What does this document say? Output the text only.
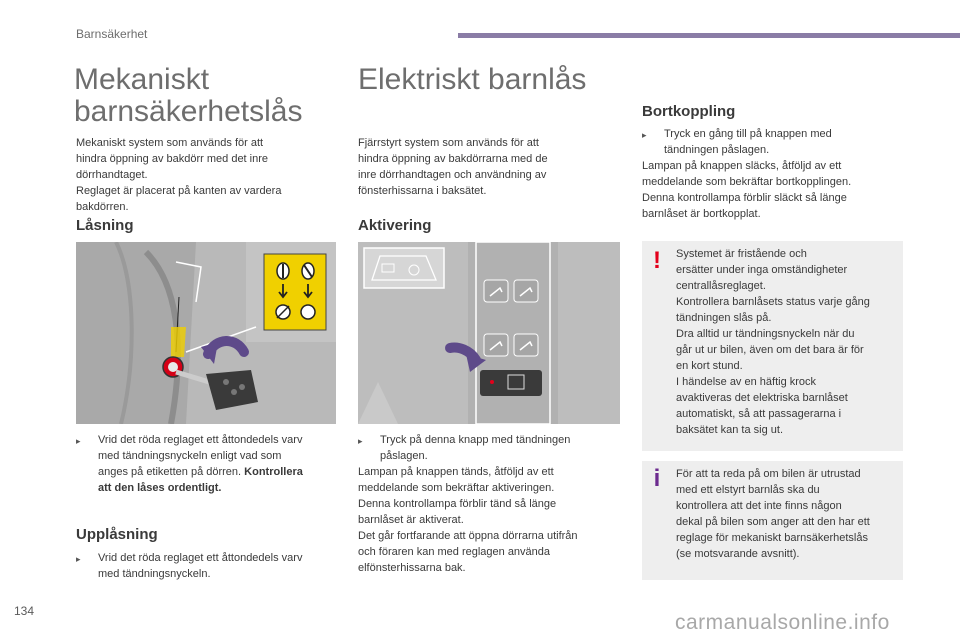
Barnsäkerhet
Mekaniskt
barnsäkerhetslås
Mekaniskt system som används för att
hindra öppning av bakdörr med det inre
dörrhandtaget.
Reglaget är placerat på kanten av vardera
bakdörren.
Låsning
▸	Vrid det röda reglaget ett åttondedels varv
med tändningsnyckeln enligt vad som
anges på etiketten på dörren. Kontrollera
att den låses ordentligt.
Upplåsning
▸	Vrid det röda reglaget ett åttondedels varv
med tändningsnyckeln.
Elektriskt barnlås
Fjärrstyrt system som används för att
hindra öppning av bakdörrarna med de
inre dörrhandtagen och användning av
fönsterhissarna i baksätet.
Aktivering
▸	Tryck på denna knapp med tändningen
påslagen.
Lampan på knappen tänds, åtföljd av ett
meddelande som bekräftar aktiveringen.
Denna kontrollampa förblir tänd så länge
barnlåset är aktiverat.
Det går fortfarande att öppna dörrarna utifrån
och föraren kan med reglagen använda
elfönsterhissarna bak.
Bortkoppling
▸	Tryck en gång till på knappen med
tändningen påslagen.
Lampan på knappen släcks, åtföljd av ett
meddelande som bekräftar bortkopplingen.
Denna kontrollampa förblir släckt så länge
barnlåset är bortkopplat.
!	Systemet är fristående och
ersätter under inga omständigheter
centrallåsreglaget.
Kontrollera barnlåsets status varje gång
tändningen slås på.
Dra alltid ur tändningsnyckeln när du
går ut ur bilen, även om det bara är för
en kort stund.
I händelse av en häftig krock
avaktiveras det elektriska barnlåset
automatiskt, så att passagerarna i
baksätet kan ta sig ut.
i	För att ta reda på om bilen är utrustad
med ett elstyrt barnlås ska du
kontrollera att det inte finns någon
dekal på bilen som anger att den har ett
reglage för mekaniskt barnsäkerhetslås
(se motsvarande avsnitt).
134	carmanualsonline.info
